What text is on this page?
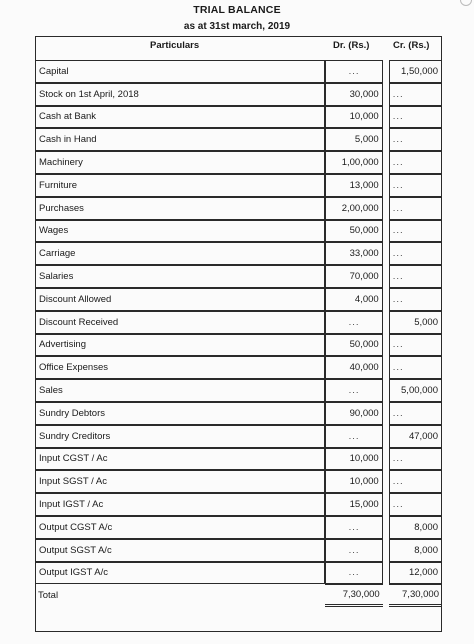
TRIAL BALANCE
as at 31st march, 2019
Particulars	Dr. (Rs.) Cr. (Rs.)
Capital	...		1,50,000
Stock on 1st April, 2018	30,000		...
Cash at Bank	10,000		...
Cash in Hand	5,000		...
Machinery	1,00,000		...
Furniture	13,000		...
Purchases	2,00,000		...
Wages	50,000		...
Carriage	33,000		...
Salaries	70,000		...
Discount Allowed	4,000		...
Discount Received	...		5,000
Advertising	50,000		...
Office Expenses	40,000		...
Sales	...		5,00,000
Sundry Debtors	90,000		...
Sundry Creditors	...		47,000
Input CGST / Ac	10,000		...
Input SGST / Ac	10,000		...
Input IGST / Ac	15,000		...
Output CGST A/c	...		8,000
Output SGST A/c	...		8,000
Output IGST A/c	...		12,000
Total	7,30,000		7,30,000
